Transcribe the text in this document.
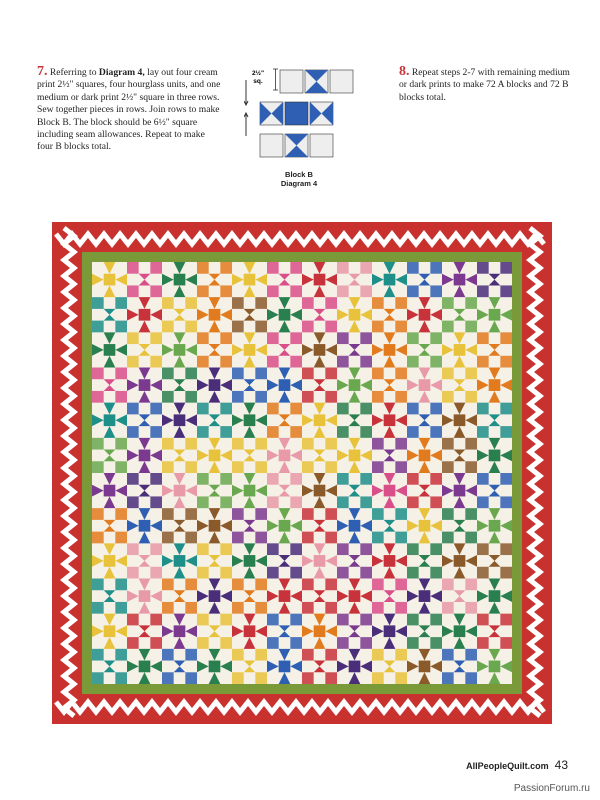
7. Referring to Diagram 4, lay out four cream print 2½" squares, four hourglass units, and one medium or dark print 2½" square in three rows. Sew together pieces in rows. Join rows to make Block B. The block should be 6½" square including seam allowances. Repeat to make four B blocks total.
2½"
sq.
Block B
Diagram 4
8. Repeat steps 2-7 with remaining medium or dark prints to make 72 A blocks and 72 B blocks total.
AllPeopleQuilt.com 43
PassionForum.ru
